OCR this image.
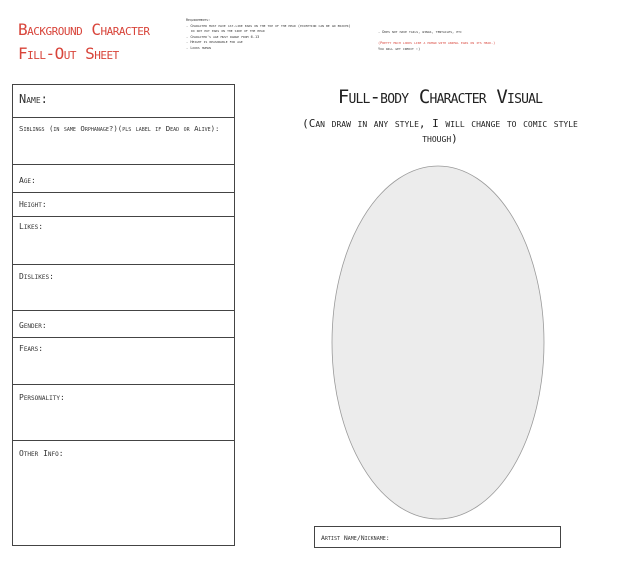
Background Character
Fill-Out Sheet
Requirements:
- Character must have cat-like ears on the top of the head (exception can be an enjoyr)
do not put ears on the side of the head
- Character's age must range from 6-13
- Height is reasonable for age
- Looks human
- Does not have tails, wings, tentacles, etc
(Pretty much looks like a human with animal ears on its head.)
You will get credit :)
Name:
Siblings (in same Orphanage?)(pls label if Dead or Alive):
Age:
Height:
Likes:
Dislikes:
Gender:
Fears:
Personality:
Other Info:
Full-body Character Visual
(Can draw in any style, I will change to comic style though)
Artist Name/Nickname:
